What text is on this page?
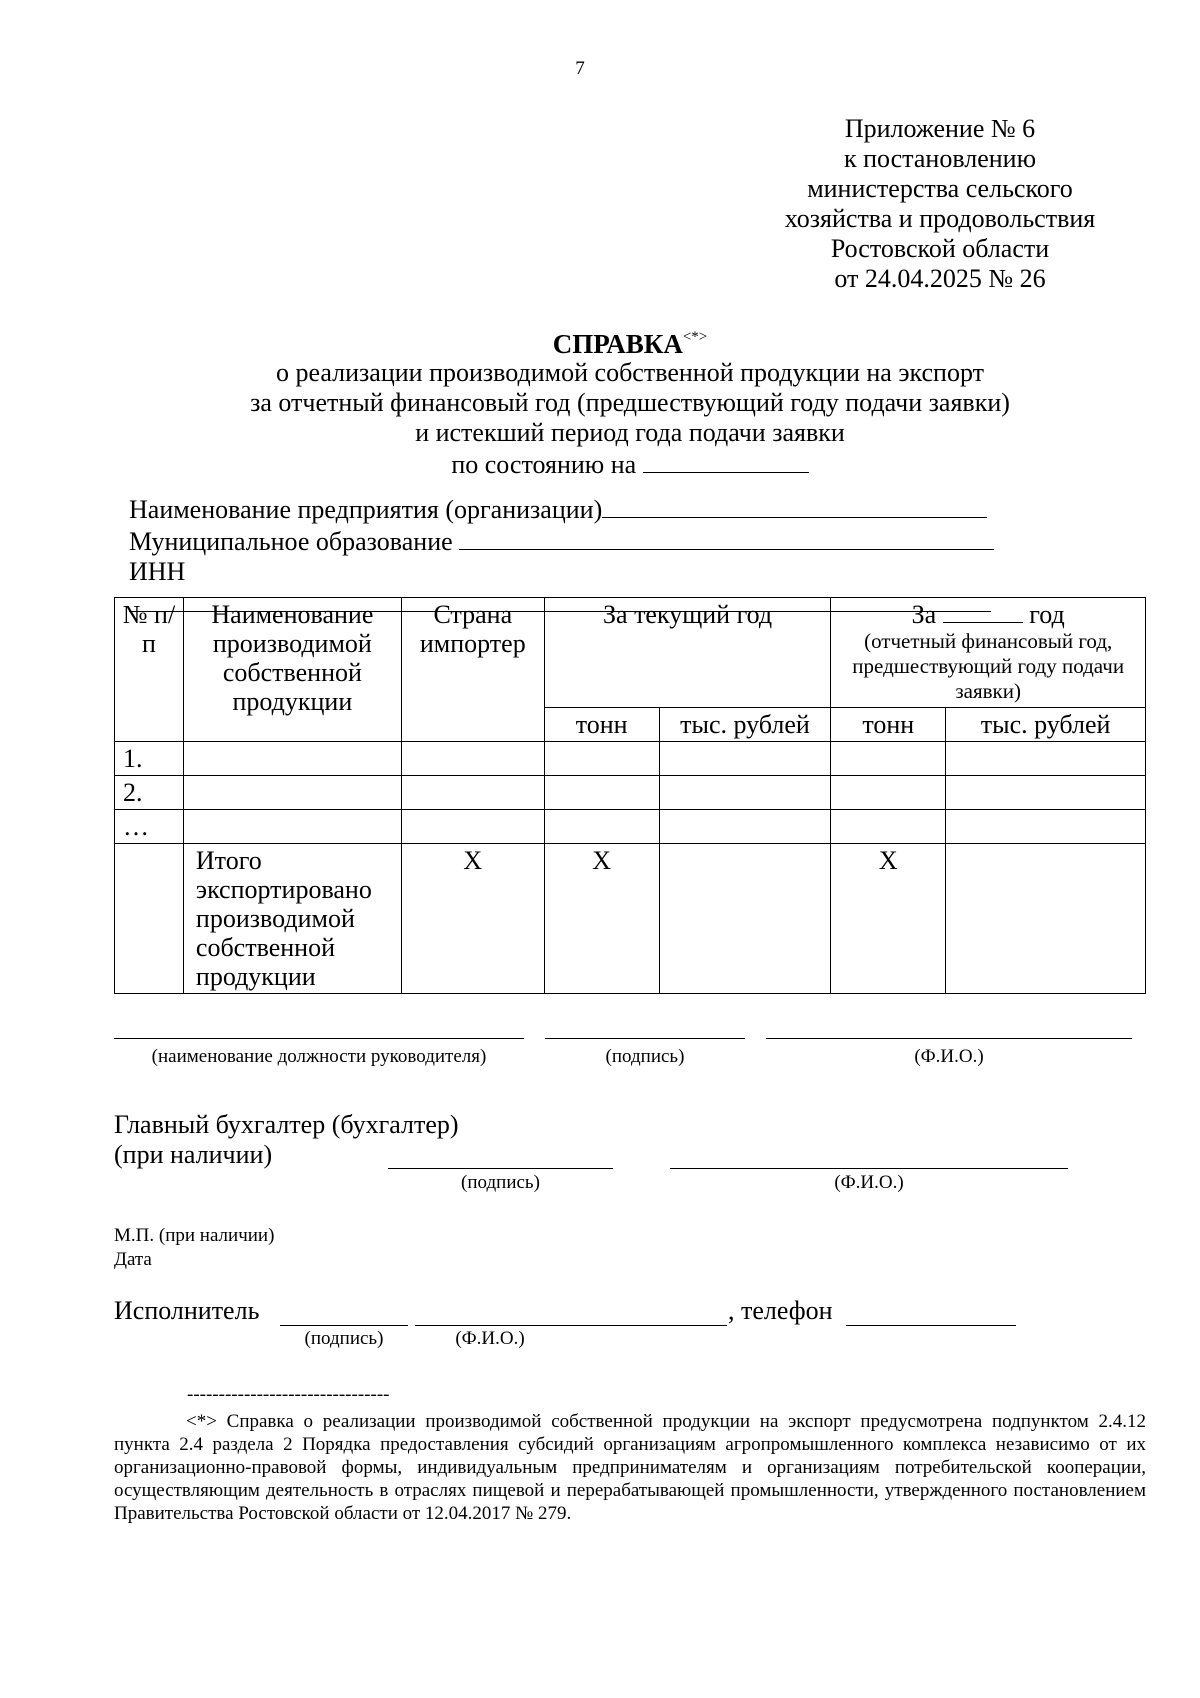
7
Приложение № 6
к постановлению
министерства сельского
хозяйства и продовольствия
Ростовской области
от 24.04.2025 № 26
СПРАВКА<*>
о реализации производимой собственной продукции на экспорт
за отчетный финансовый год (предшествующий году подачи заявки)
и истекший период года подачи заявки
по состоянию на
Наименование предприятия (организации)
Муниципальное образование
ИНН
№ п/п	Наименование производимой собственной продукции	Страна импортер	За текущий год		За год
(отчетный финансовый год, предшествующий году подачи заявки)	

			тонн	тыс. рублей	тонн	тыс. рублей
1.						
2.						
…						
	Итого экспортировано производимой собственной продукции	X	X		X	
(наименование должности руководителя)	(подпись)	(Ф.И.О.)
Главный бухгалтер (бухгалтер)
(при наличии)
(подпись)	(Ф.И.О.)
М.П. (при наличии)
Дата
Исполнитель	, телефон
(подпись)	(Ф.И.О.)
--------------------------------
<*> Справка о реализации производимой собственной продукции на экспорт предусмотрена подпунктом 2.4.12 пункта 2.4 раздела 2 Порядка предоставления субсидий организациям агропромышленного комплекса независимо от их организационно-правовой формы, индивидуальным предпринимателям и организациям потребительской кооперации, осуществляющим деятельность в отраслях пищевой и перерабатывающей промышленности, утвержденного постановлением Правительства Ростовской области от 12.04.2017 № 279.
